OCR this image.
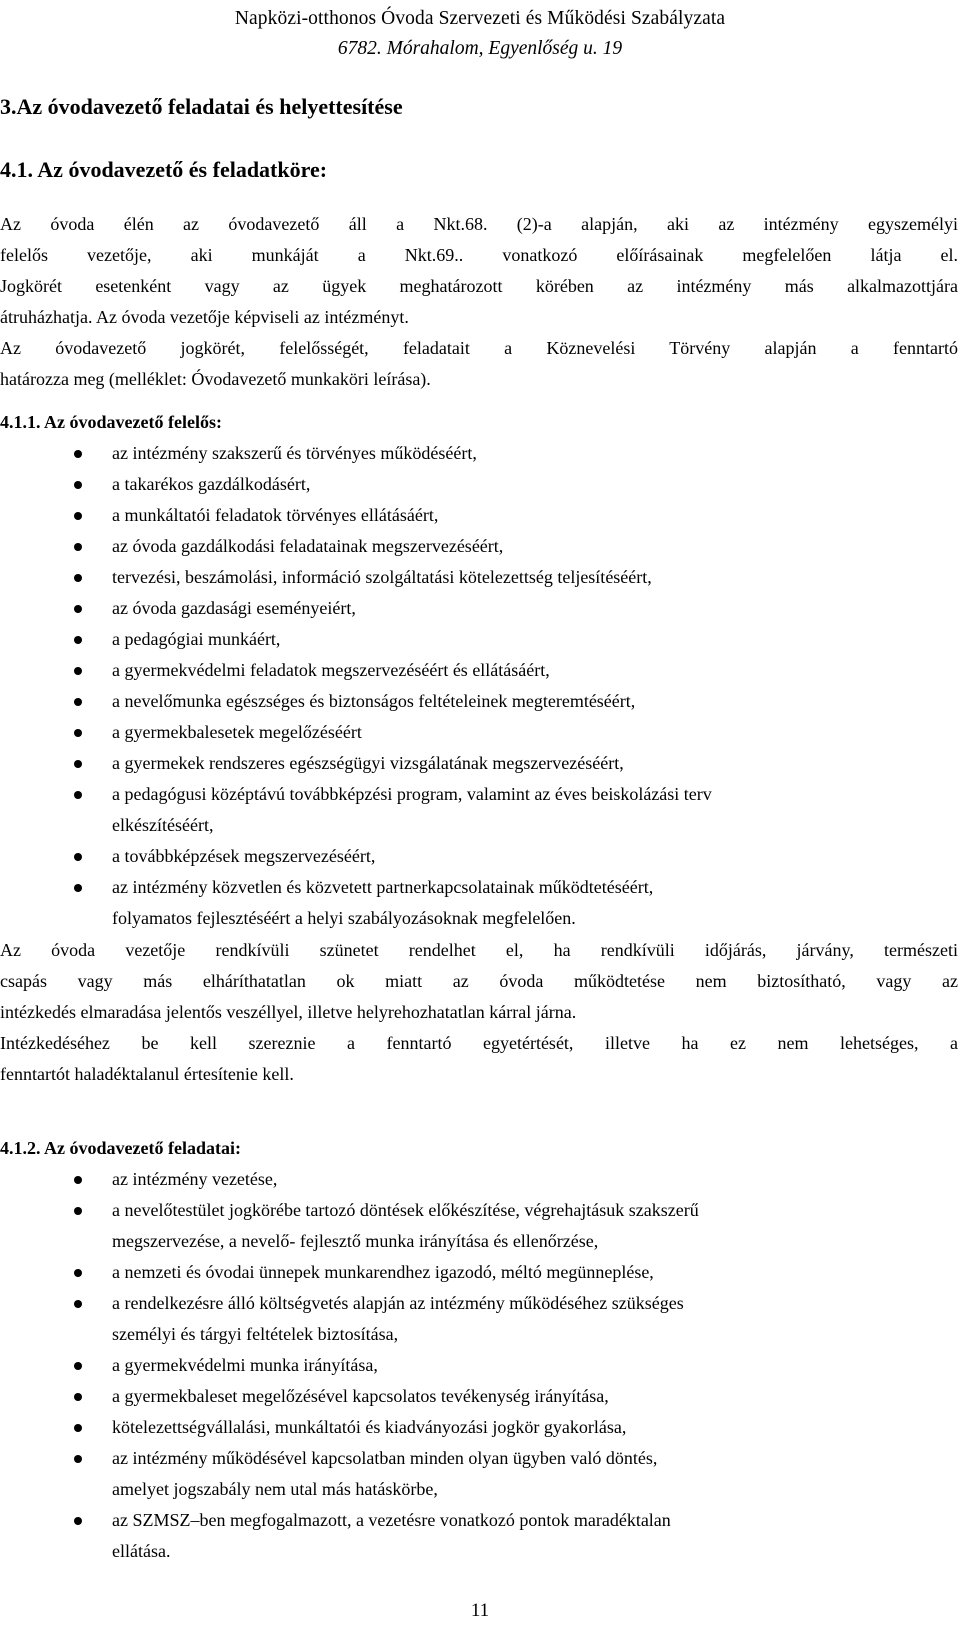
Napközi-otthonos Óvoda Szervezeti és Működési Szabályzata
6782. Mórahalom, Egyenlőség u. 19
3.Az óvodavezető feladatai és helyettesítése
4.1. Az óvodavezető és feladatköre:

Az óvoda élén az óvodavezető áll a Nkt.68. (2)-a alapján, aki az intézmény egyszemélyi
felelős vezetője, aki munkáját a Nkt.69.. vonatkozó előírásainak megfelelően látja el.

Jogkörét esetenként vagy az ügyek meghatározott körében az intézmény más alkalmazottjára
átruházhatja. Az óvoda vezetője képviseli az intézményt.

Az óvodavezető jogkörét, felelősségét, feladatait a Köznevelési Törvény alapján a fenntartó
határozza meg (melléklet: Óvodavezető munkaköri leírása).

4.1.1. Az óvodavezető felelős:

az intézmény szakszerű és törvényes működéséért,
a takarékos gazdálkodásért,
a munkáltatói feladatok törvényes ellátásáért,
az óvoda gazdálkodási feladatainak megszervezéséért,
tervezési, beszámolási, információ szolgáltatási kötelezettség teljesítéséért,
az óvoda gazdasági eseményeiért,
a pedagógiai munkáért,
a gyermekvédelmi feladatok megszervezéséért és ellátásáért,
a nevelőmunka egészséges és biztonságos feltételeinek megteremtéséért,
a gyermekbalesetek megelőzéséért
a gyermekek rendszeres egészségügyi vizsgálatának megszervezéséért,
a pedagógusi középtávú továbbképzési program, valamint az éves beiskolázási terv
elkészítéséért,
a továbbképzések megszervezéséért,
az intézmény közvetlen és közvetett partnerkapcsolatainak működtetéséért,
folyamatos fejlesztéséért a helyi szabályozásoknak megfelelően.

Az óvoda vezetője rendkívüli szünetet rendelhet el, ha rendkívüli időjárás, járvány, természeti
csapás vagy más elháríthatatlan ok miatt az óvoda működtetése nem biztosítható, vagy az
intézkedés elmaradása jelentős veszéllyel, illetve helyrehozhatatlan kárral járna.

Intézkedéséhez be kell szereznie a fenntartó egyetértését, illetve ha ez nem lehetséges, a
fenntartót haladéktalanul értesítenie kell.

4.1.2. Az óvodavezető feladatai:

az intézmény vezetése,
a nevelőtestület jogkörébe tartozó döntések előkészítése, végrehajtásuk szakszerű
megszervezése, a nevelő- fejlesztő munka irányítása és ellenőrzése,
a nemzeti és óvodai ünnepek munkarendhez igazodó, méltó megünneplése,
a rendelkezésre álló költségvetés alapján az intézmény működéséhez szükséges
személyi és tárgyi feltételek biztosítása,
a gyermekvédelmi munka irányítása,
a gyermekbaleset megelőzésével kapcsolatos tevékenység irányítása,
kötelezettségvállalási, munkáltatói és kiadványozási jogkör gyakorlása,
az intézmény működésével kapcsolatban minden olyan ügyben való döntés,
amelyet jogszabály nem utal más hatáskörbe,
az SZMSZ–ben megfogalmazott, a vezetésre vonatkozó pontok maradéktalan
ellátása.
11
